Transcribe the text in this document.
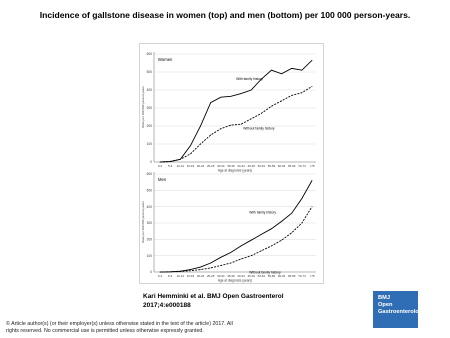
Incidence of gallstone disease in women (top) and men (bottom) per 100 000 person-years.
0
100
200
300
400
500
600
0-4 5-9 10-14 15-19 20-24 25-29 30-34 35-39 40-44 45-49 50-54 55-59 60-64 65-69 70-74 >75
Rate per 100 000 person-years
Age at diagnosis (years)
Women
With family history
Without family history
0
100
200
300
400
500
600
0-4 5-9 10-14 15-19 20-24 25-29 30-34 35-39 40-44 45-49 50-54 55-59 60-64 65-69 70-74 >75
Rate per 100 000 person-years
Age at diagnosis (years)
Men
With family history
Without family history
Kari Hemminki et al. BMJ Open Gastroenterol
2017;4:e000188
© Article author(s) (or their employer(s) unless otherwise stated in the text of the article) 2017. All
rights reserved. No commercial use is permitted unless otherwise expressly granted.
BMJ
Open
Gastroenterology
